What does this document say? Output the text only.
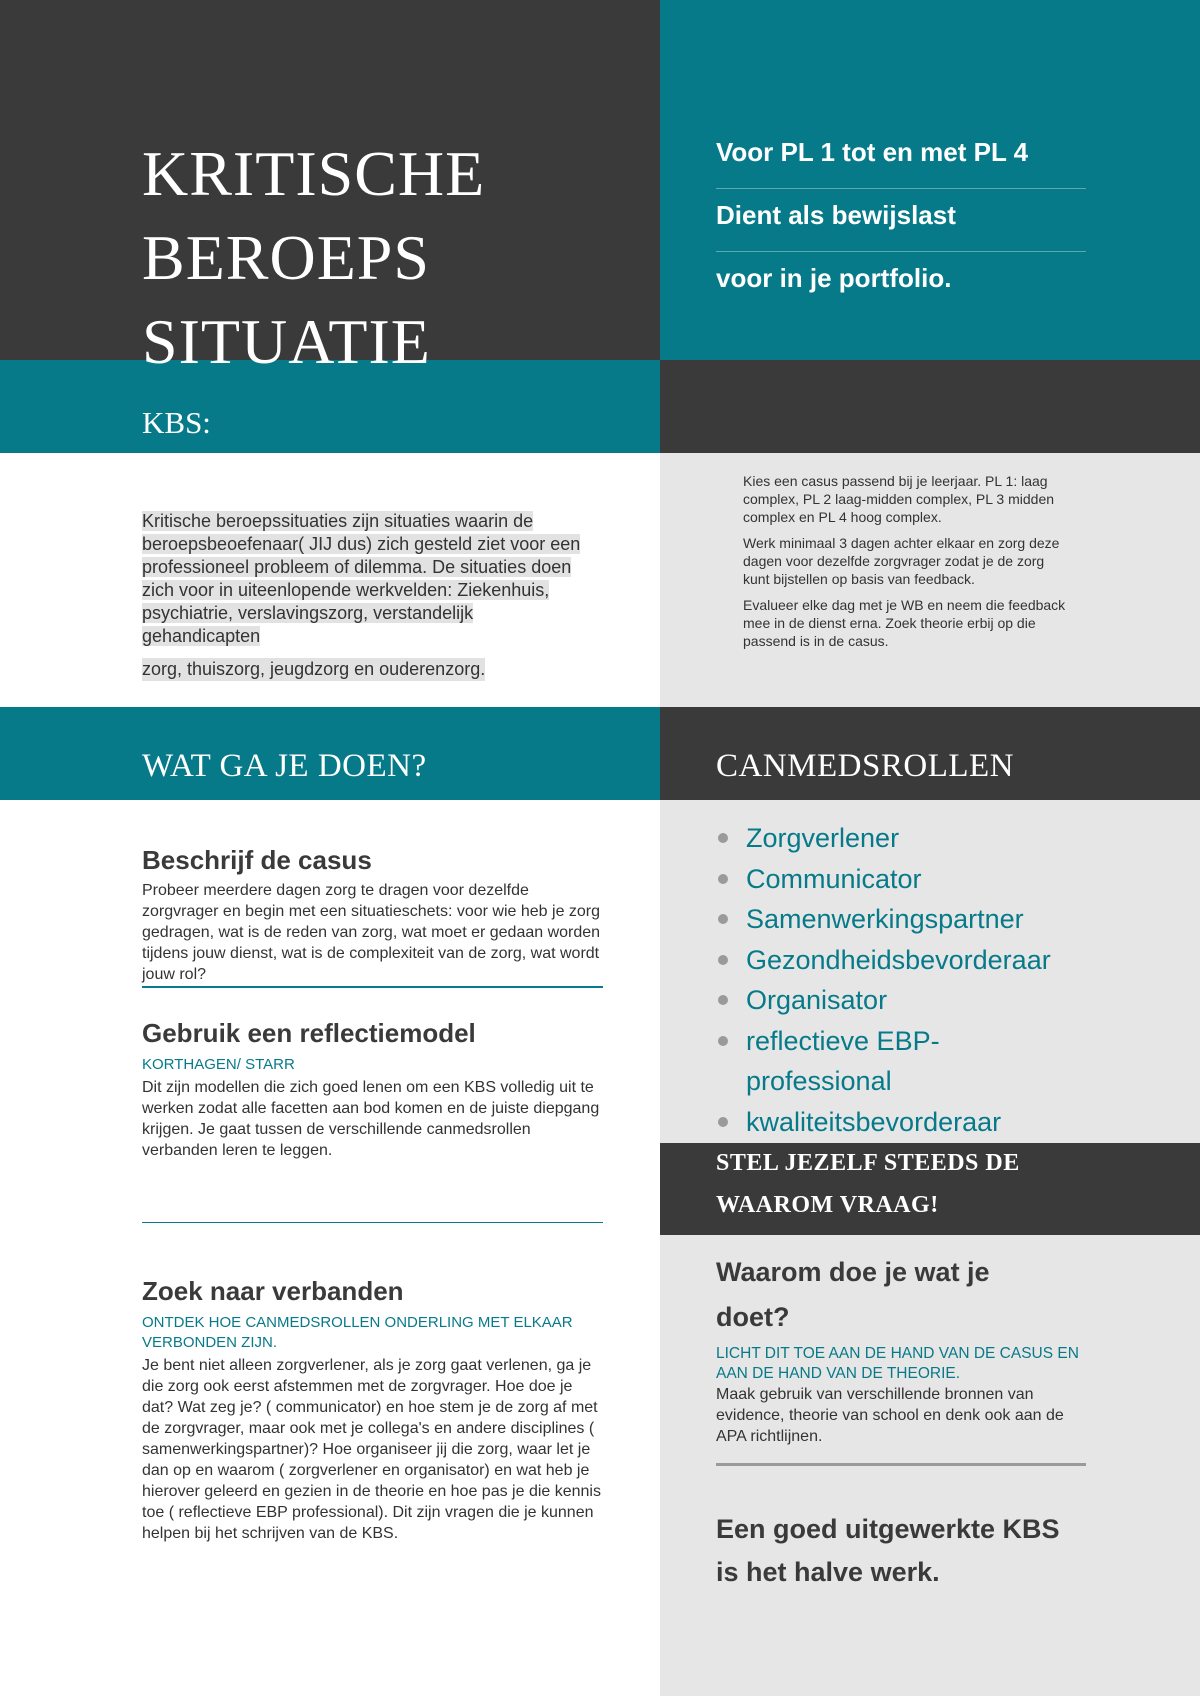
KRITISCHE
BEROEPS
SITUATIE
Voor PL 1 tot en met PL 4
Dient als bewijslast
voor in je portfolio.
KBS:
Kritische beroepssituaties zijn situaties waarin de beroepsbeoefenaar( JIJ dus) zich gesteld ziet voor een professioneel probleem of dilemma. De situaties doen zich voor in uiteenlopende werkvelden: Ziekenhuis, psychiatrie, verslavingszorg, verstandelijk gehandicapten
zorg, thuiszorg, jeugdzorg en ouderenzorg.

Kies een casus passend bij je leerjaar. PL 1: laag complex, PL 2 laag-midden complex, PL 3 midden complex en PL 4 hoog complex.

Werk minimaal 3 dagen achter elkaar en zorg deze dagen voor dezelfde zorgvrager zodat je de zorg kunt bijstellen op basis van feedback.

Evalueer elke dag met je WB en neem die feedback mee in de dienst erna. Zoek theorie erbij op die passend is in de casus.

WAT GA JE DOEN?	CANMEDSROLLEN
Beschrijf de casus
Probeer meerdere dagen zorg te dragen voor dezelfde zorgvrager en begin met een situatieschets: voor wie heb je zorg gedragen, wat is de reden van zorg, wat moet er gedaan worden tijdens jouw dienst, wat is de complexiteit van de zorg, wat wordt jouw rol?
Gebruik een reflectiemodel
KORTHAGEN/ STARR
Dit zijn modellen die zich goed lenen om een KBS volledig uit te werken zodat alle facetten aan bod komen en de juiste diepgang krijgen. Je gaat tussen de verschillende canmedsrollen verbanden leren te leggen.
Zoek naar verbanden
ONTDEK HOE CANMEDSROLLEN ONDERLING MET ELKAAR VERBONDEN ZIJN.
Je bent niet alleen zorgverlener, als je zorg gaat verlenen, ga je die zorg ook eerst afstemmen met de zorgvrager. Hoe doe je dat? Wat zeg je? ( communicator) en hoe stem je de zorg af met de zorgvrager, maar ook met je collega's en andere disciplines ( samenwerkingspartner)? Hoe organiseer jij die zorg, waar let je dan op en waarom ( zorgverlener en organisator) en wat heb je hierover geleerd en gezien in de theorie en hoe pas je die kennis toe ( reflectieve EBP professional). Dit zijn vragen die je kunnen helpen bij het schrijven van de KBS.
Zorgverlener
Communicator
Samenwerkingspartner
Gezondheidsbevorderaar
Organisator
reflectieve EBP-professional
kwaliteitsbevorderaar
STEL JEZELF STEEDS DE WAAROM VRAAG!
Waarom doe je wat je doet?
LICHT DIT TOE AAN DE HAND VAN DE CASUS EN AAN DE HAND VAN DE THEORIE.
Maak gebruik van verschillende bronnen van evidence, theorie van school en denk ook aan de APA richtlijnen.
Een goed uitgewerkte KBS is het halve werk.
